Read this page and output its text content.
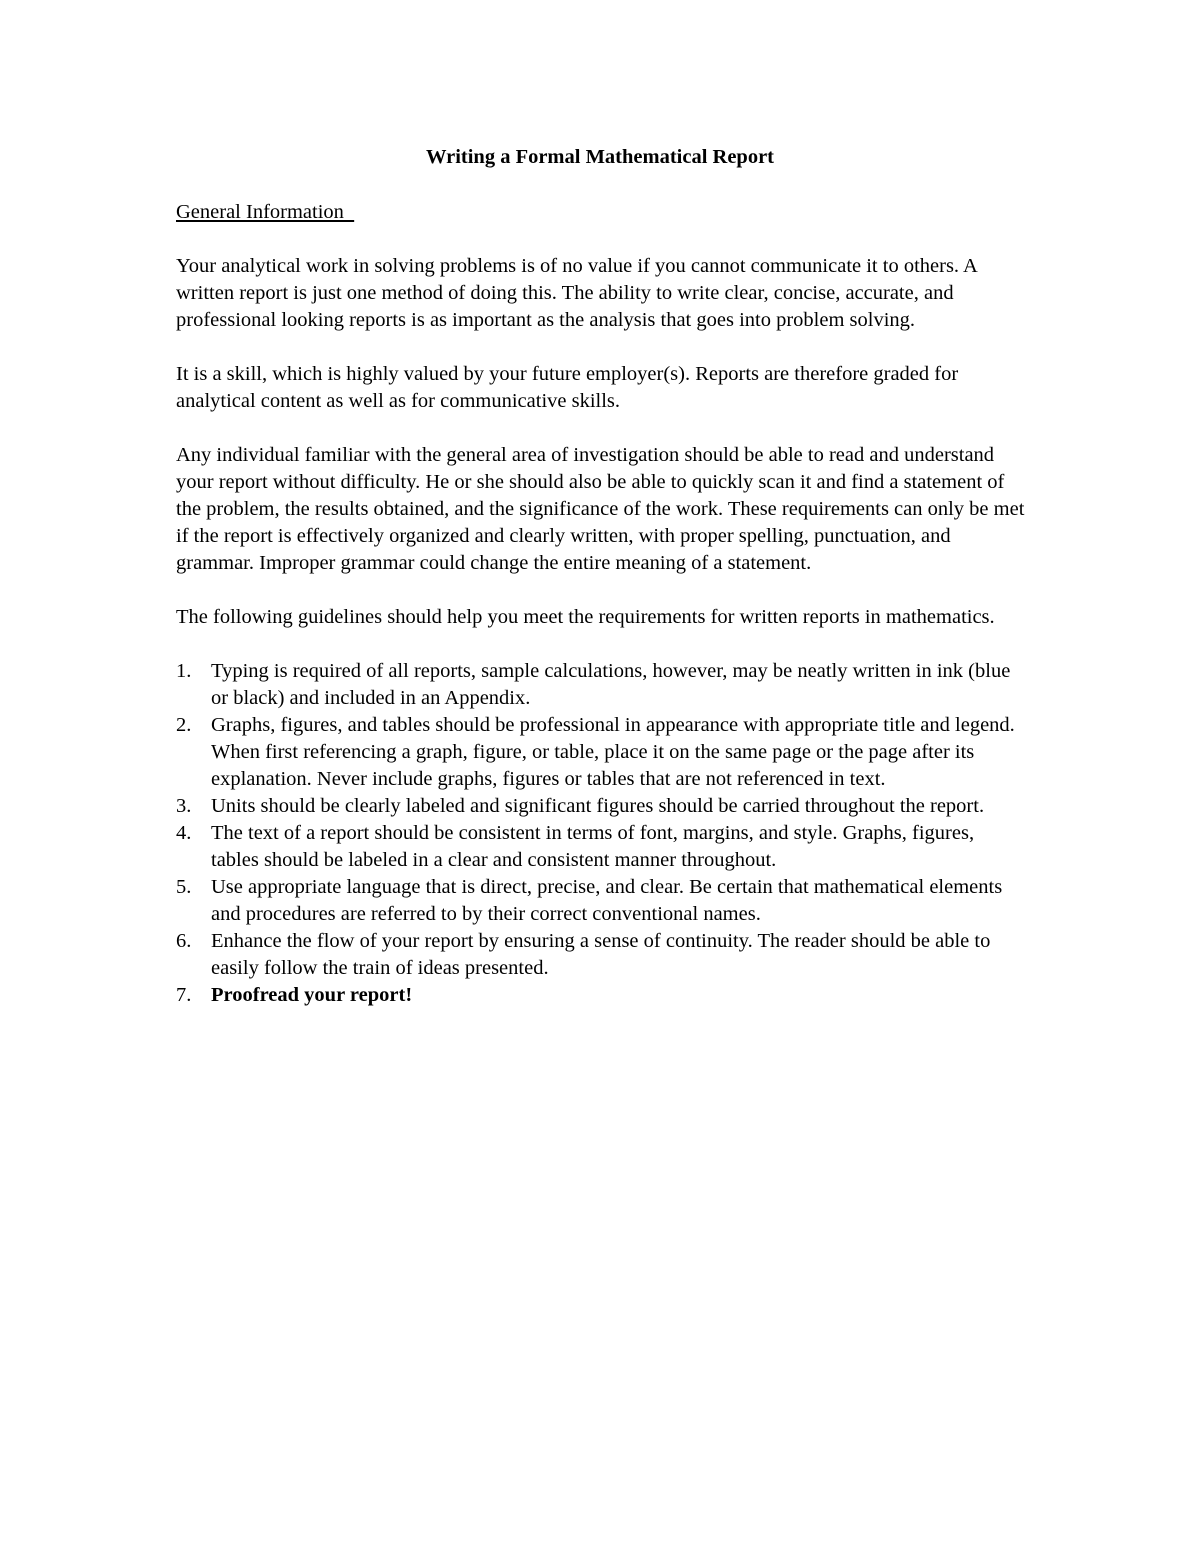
Writing a Formal Mathematical Report
General Information

Your analytical work in solving problems is of no value if you cannot communicate it to others. A written report is just one method of doing this. The ability to write clear, concise, accurate, and professional looking reports is as important as the analysis that goes into problem solving.

It is a skill, which is highly valued by your future employer(s). Reports are therefore graded for analytical content as well as for communicative skills.

Any individual familiar with the general area of investigation should be able to read and understand your report without difficulty. He or she should also be able to quickly scan it and find a statement of the problem, the results obtained, and the significance of the work. These requirements can only be met if the report is effectively organized and clearly written, with proper spelling, punctuation, and grammar. Improper grammar could change the entire meaning of a statement.

The following guidelines should help you meet the requirements for written reports in mathematics.

1. Typing is required of all reports, sample calculations, however, may be neatly written in ink (blue or black) and included in an Appendix.
2. Graphs, figures, and tables should be professional in appearance with appropriate title and legend. When first referencing a graph, figure, or table, place it on the same page or the page after its explanation. Never include graphs, figures or tables that are not referenced in text.
3. Units should be clearly labeled and significant figures should be carried throughout the report.
4. The text of a report should be consistent in terms of font, margins, and style. Graphs, figures, tables should be labeled in a clear and consistent manner throughout.
5. Use appropriate language that is direct, precise, and clear. Be certain that mathematical elements and procedures are referred to by their correct conventional names.
6. Enhance the flow of your report by ensuring a sense of continuity. The reader should be able to easily follow the train of ideas presented.
7. Proofread your report!
